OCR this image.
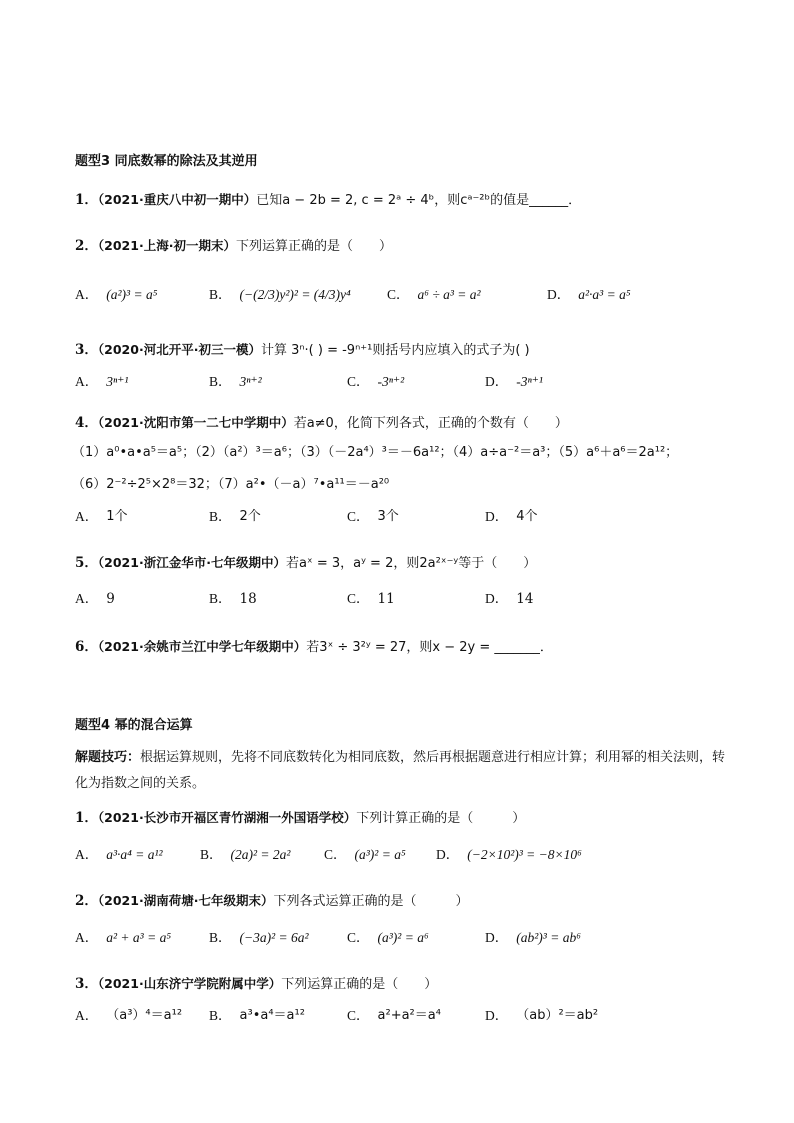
题型3 同底数幂的除法及其逆用
1．（2021·重庆八中初一期中）已知a − 2b = 2, c = 2ᵃ ÷ 4ᵇ，则cᵃ⁻²ᵇ的值是______．
2．（2021·上海·初一期末）下列运算正确的是（　　）
A． (a²)³ = a⁵	B． (−(2/3)y²)² = (4/3)y⁴	C． a⁶ ÷ a³ = a²	D． a²·a³ = a⁵
3．（2020·河北开平·初三一模）计算 3ⁿ·( ) = -9ⁿ⁺¹则括号内应填入的式子为( )
A． 3ⁿ⁺¹	B． 3ⁿ⁺²	C． -3ⁿ⁺²	D． -3ⁿ⁺¹
4．（2021·沈阳市第一二七中学期中）若a≠0，化简下列各式，正确的个数有（　　）
（1）a⁰•a•a⁵＝a⁵；（2）（a²）³＝a⁶；（3）（－2a⁴）³＝－6a¹²；（4）a÷a⁻²＝a³；（5）a⁶＋a⁶＝2a¹²；
（6）2⁻²÷2⁵×2⁸＝32；（7）a²•（－a）⁷•a¹¹＝－a²⁰
A． 1个	B． 2个	C． 3个	D． 4个
5．（2021·浙江金华市·七年级期中）若aˣ = 3，aʸ = 2，则2a²ˣ⁻ʸ等于（　　）
A． 9	B． 18	C． 11	D． 14
6．（2021·余姚市兰江中学七年级期中）若3ˣ ÷ 3²ʸ = 27，则x − 2y = _______．
题型4 幂的混合运算
解题技巧：根据运算规则，先将不同底数转化为相同底数，然后再根据题意进行相应计算；利用幂的相关法则，转化为指数之间的关系。
1．（2021·长沙市开福区青竹湖湘一外国语学校）下列计算正确的是（　　　）
A． a³·a⁴ = a¹²	B． (2a)² = 2a² C． (a³)² = a⁵ D． (−2×10²)³ = −8×10⁶
2．（2021·湖南荷塘·七年级期末）下列各式运算正确的是（　　　）
A． a² + a³ = a⁵	B． (−3a)² = 6a²	C． (a³)² = a⁶	D． (ab²)³ = ab⁶
3．（2021·山东济宁学院附属中学）下列运算正确的是（　　）
A． （a³）⁴＝a¹² B． a³•a⁴＝a¹²	C． a²+a²＝a⁴	D． （ab）²＝ab²
